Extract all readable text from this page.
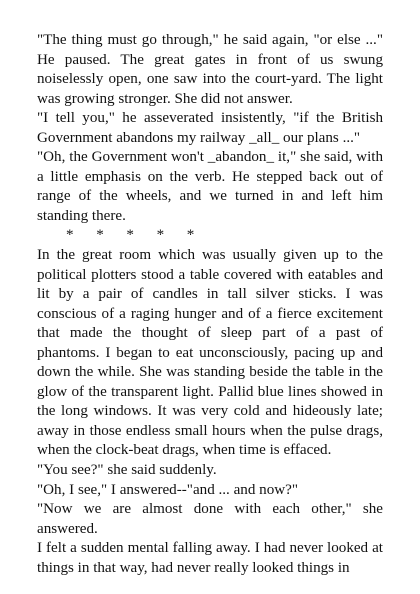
"The thing must go through," he said again, "or else ..." He paused. The great gates in front of us swung noiselessly open, one saw into the court-yard. The light was growing stronger. She did not answer.

"I tell you," he asseverated insistently, "if the British Government abandons my railway _all_ our plans ..."

"Oh, the Government won't _abandon_ it," she said, with a little emphasis on the verb. He stepped back out of range of the wheels, and we turned in and left him standing there.

*      *      *      *      *

In the great room which was usually given up to the political plotters stood a table covered with eatables and lit by a pair of candles in tall silver sticks. I was conscious of a raging hunger and of a fierce excitement that made the thought of sleep part of a past of phantoms. I began to eat unconsciously, pacing up and down the while. She was standing beside the table in the glow of the transparent light. Pallid blue lines showed in the long windows. It was very cold and hideously late; away in those endless small hours when the pulse drags, when the clock-beat drags, when time is effaced.

"You see?" she said suddenly.

"Oh, I see," I answered--"and ... and now?"

"Now we are almost done with each other," she answered.

I felt a sudden mental falling away. I had never looked at things in that way, had never really looked things in
